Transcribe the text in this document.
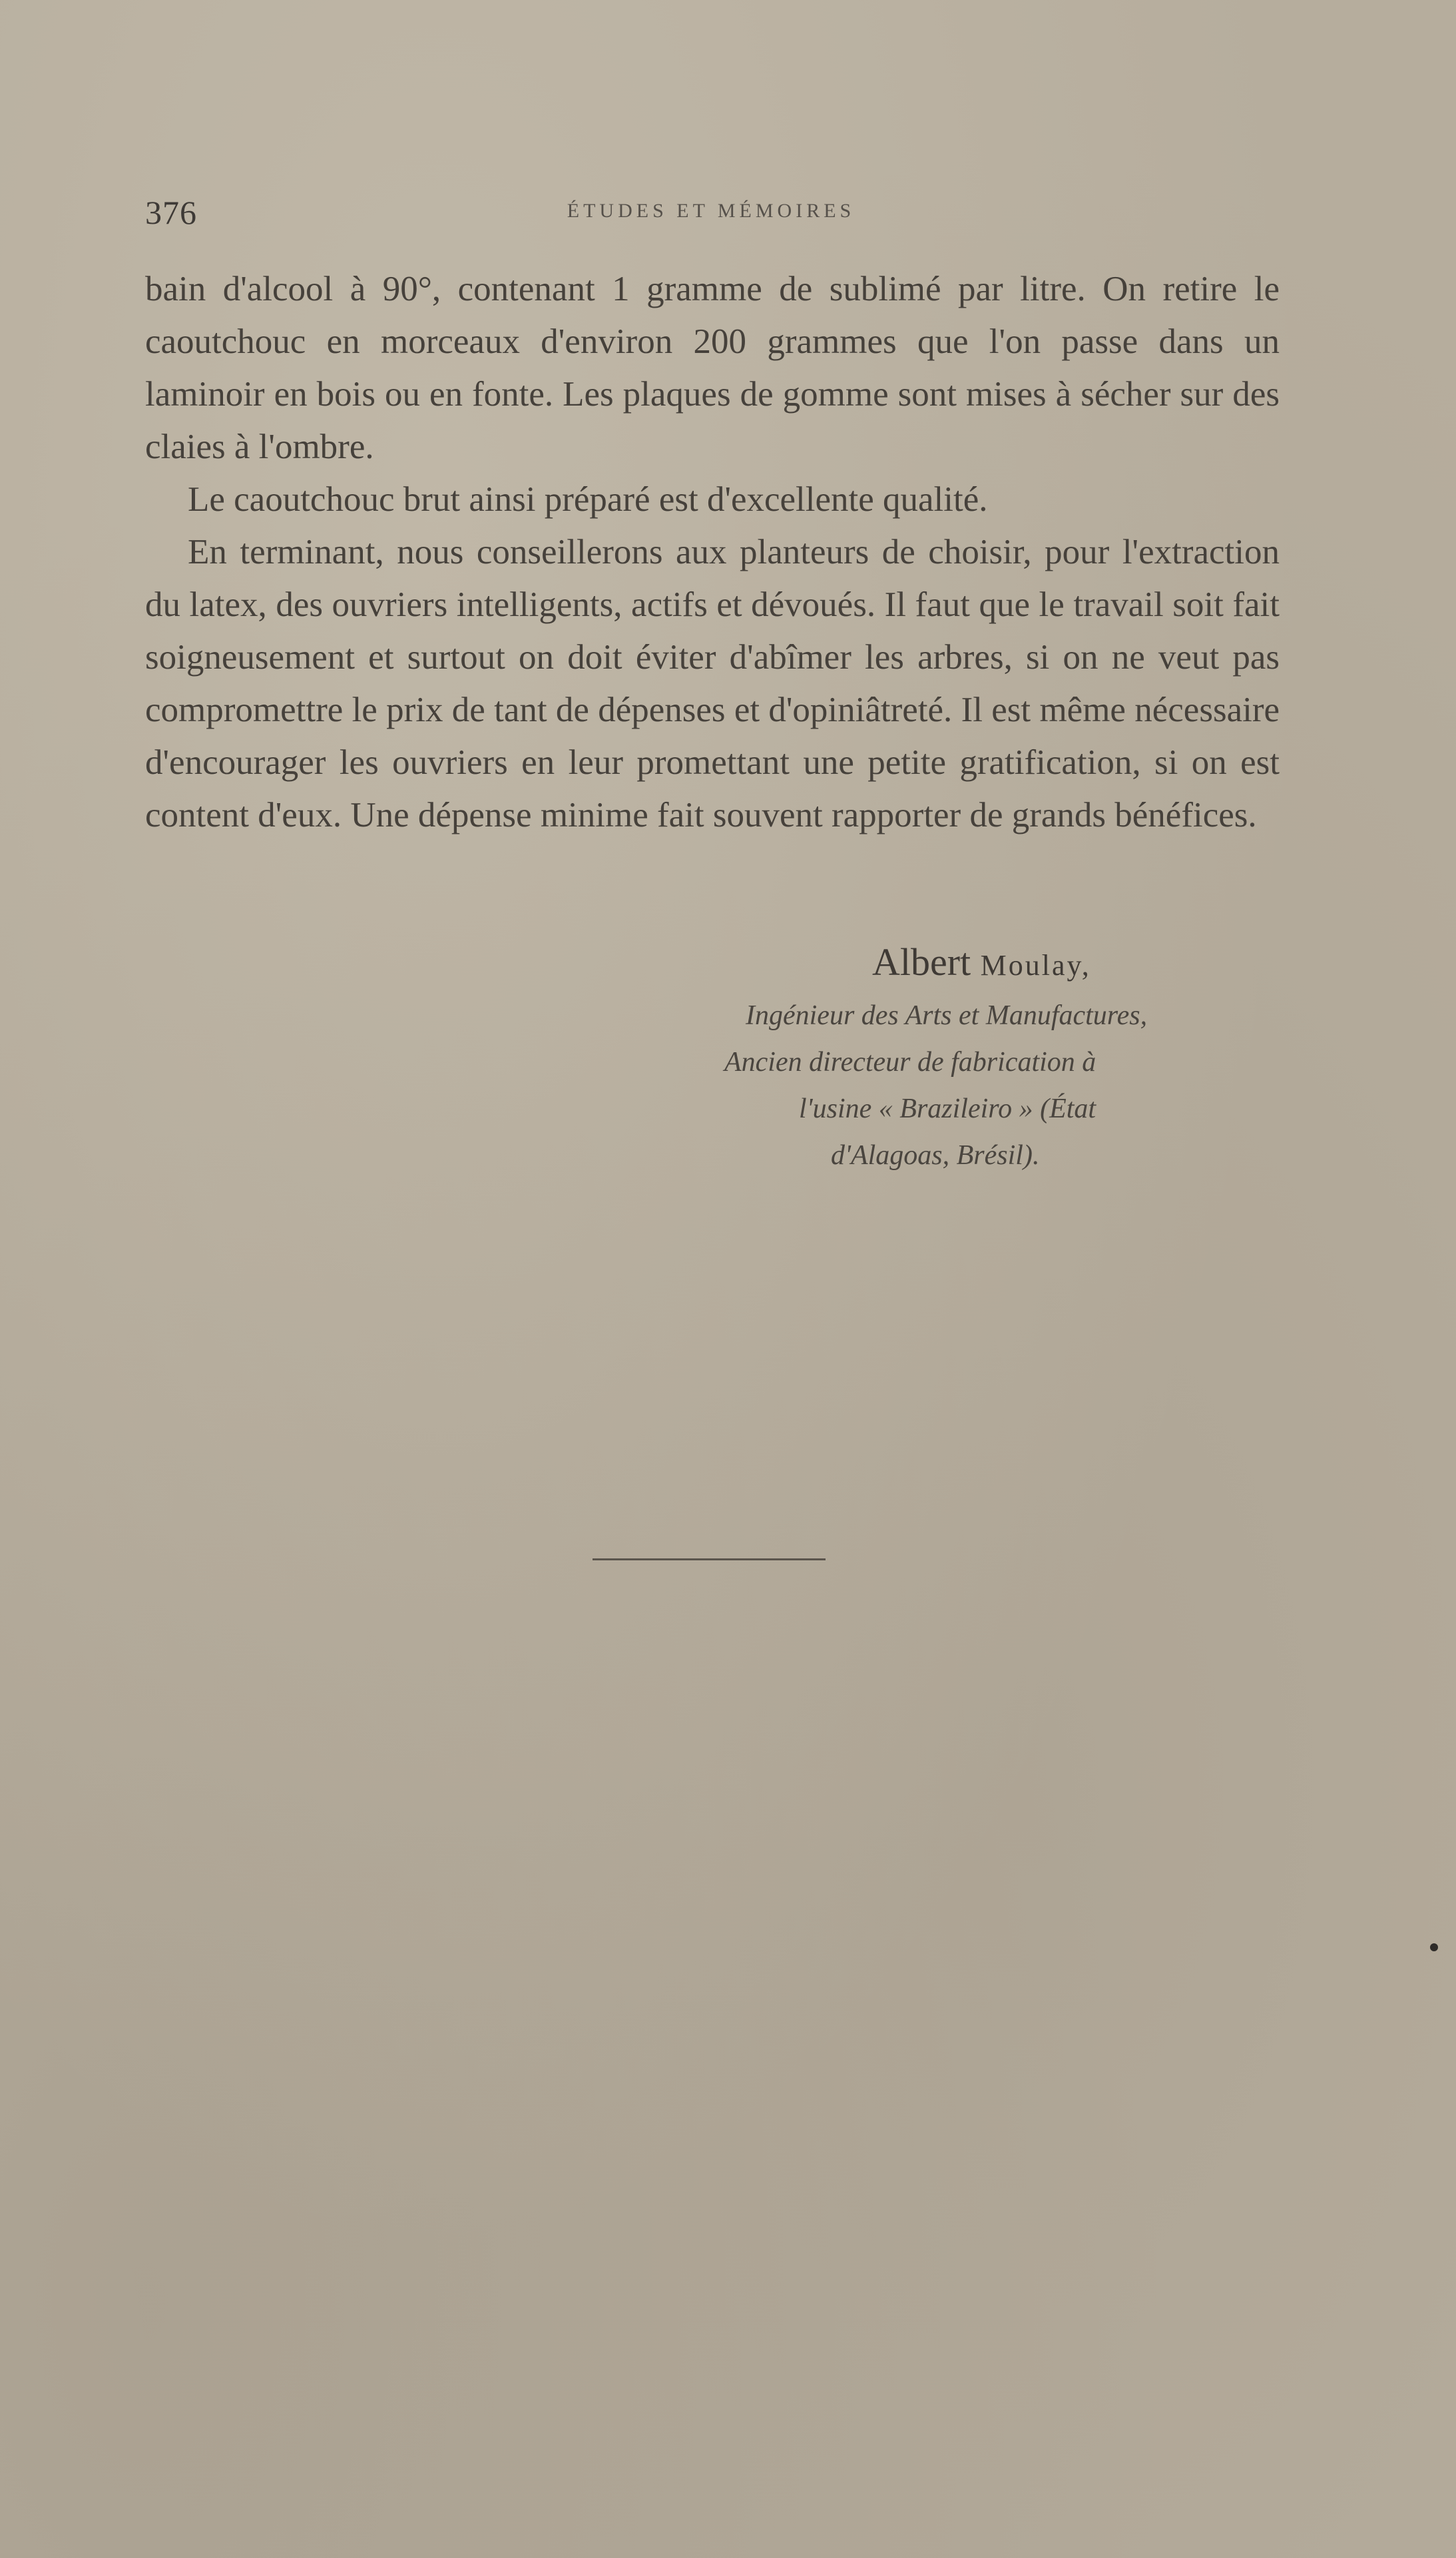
376	ÉTUDES ET MÉMOIRES

bain d'alcool à 90°, contenant 1 gramme de sublimé par litre. On retire le caoutchouc en morceaux d'environ 200 grammes que l'on passe dans un laminoir en bois ou en fonte. Les plaques de gomme sont mises à sécher sur des claies à l'ombre.

Le caoutchouc brut ainsi préparé est d'excellente qualité.

En terminant, nous conseillerons aux planteurs de choisir, pour l'extraction du latex, des ouvriers intelligents, actifs et dévoués. Il faut que le travail soit fait soigneusement et surtout on doit éviter d'abîmer les arbres, si on ne veut pas compromettre le prix de tant de dépenses et d'opiniâtreté. Il est même nécessaire d'encourager les ouvriers en leur promettant une petite gratification, si on est content d'eux. Une dépense minime fait souvent rapporter de grands bénéfices.

Albert Moulay,
Ingénieur des Arts et Manufactures,
Ancien directeur de fabrication à
l'usine « Brazileiro » (État
d'Alagoas, Brésil).
